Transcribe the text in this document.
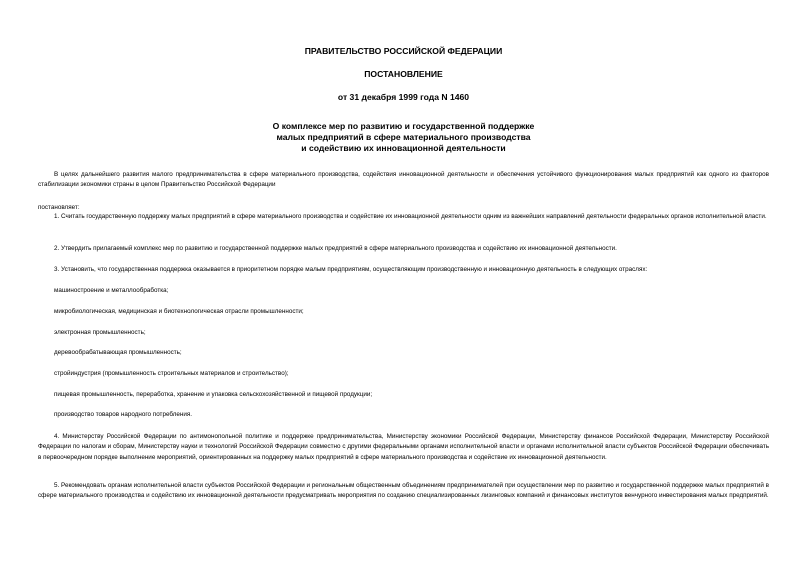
ПРАВИТЕЛЬСТВО РОССИЙСКОЙ ФЕДЕРАЦИИ
ПОСТАНОВЛЕНИЕ
от 31 декабря 1999 года N 1460
О комплексе мер по развитию и государственной поддержке
малых предприятий в сфере материального производства
и содействию их инновационной деятельности
В целях дальнейшего развития малого предпринимательства в сфере материального производства, содействия инновационной деятельности и обеспечения устойчивого функционирования малых предприятий как одного из факторов стабилизации экономики страны в целом Правительство Российской Федерации
постановляет:
1. Считать государственную поддержку малых предприятий в сфере материального производства и содействие их инновационной деятельности одним из важнейших направлений деятельности федеральных органов исполнительной власти.
2. Утвердить прилагаемый комплекс мер по развитию и государственной поддержке малых предприятий в сфере материального производства и содействию их инновационной деятельности.
3. Установить, что государственная поддержка оказывается в приоритетном порядке малым предприятиям, осуществляющим производственную и инновационную деятельность в следующих отраслях:
машиностроение и металлообработка;
микробиологическая, медицинская и биотехнологическая отрасли промышленности;
электронная промышленность;
деревообрабатывающая промышленность;
стройиндустрия (промышленность строительных материалов и строительство);
пищевая промышленность, переработка, хранение и упаковка сельскохозяйственной и пищевой продукции;
производство товаров народного потребления.
4. Министерству Российской Федерации по антимонопольной политике и поддержке предпринимательства, Министерству экономики Российской Федерации, Министерству финансов Российской Федерации, Министерству Российской Федерации по налогам и сборам, Министерству науки и технологий Российской Федерации совместно с другими федеральными органами исполнительной власти и органами исполнительной власти субъектов Российской Федерации обеспечивать в первоочередном порядке выполнение мероприятий, ориентированных на поддержку малых предприятий в сфере материального производства и содействие их инновационной деятельности.
5. Рекомендовать органам исполнительной власти субъектов Российской Федерации и региональным общественным объединениям предпринимателей при осуществлении мер по развитию и государственной поддержке малых предприятий в сфере материального производства и содействию их инновационной деятельности предусматривать мероприятия по созданию специализированных лизинговых компаний и финансовых институтов венчурного инвестирования малых предприятий.
